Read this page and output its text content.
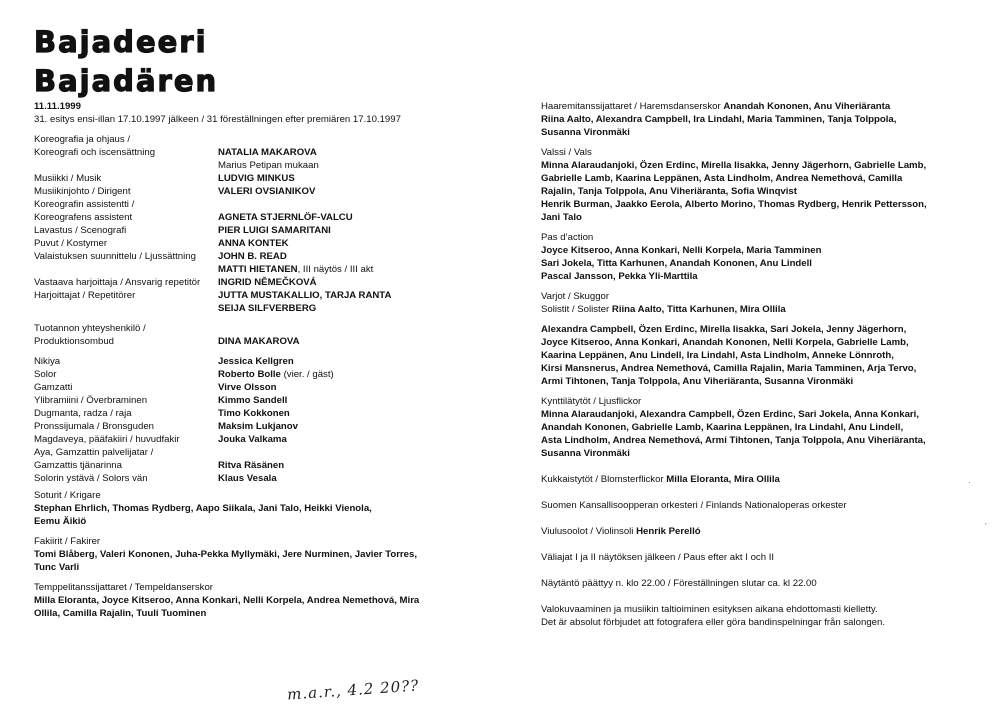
Bajadeeri
Bajadären
11.11.1999
31. esitys ensi-illan 17.10.1997 jälkeen / 31 föreställningen efter premiären 17.10.1997
Koreografia ja ohjaus /
Koreografi och iscensättning	NATALIA MAKAROVA
Marius Petipan mukaan
Musiikki / Musik	LUDVIG MINKUS
Musiikinjohto / Dirigent	VALERI OVSIANIKOV
Koreografin assistentti /
Koreografens assistent	AGNETA STJERNLÖF-VALCU
Lavastus / Scenografi	PIER LUIGI SAMARITANI
Puvut / Kostymer	ANNA KONTEK
Valaistuksen suunnittelu / Ljussättning	JOHN B. READ
MATTI HIETANEN, III näytös / III akt
Vastaava harjoittaja / Ansvarig repetitör	INGRID NĚMEČKOVÁ
Harjoittajat / Repetitörer	JUTTA MUSTAKALLIO, TARJA RANTA
SEIJA SILFVERBERG
Tuotannon yhteyshenkilö /
Produktionsombud	DINA MAKAROVA
Nikiya	Jessica Kellgren
Solor	Roberto Bolle (vier. / gäst)
Gamzatti	Virve Olsson
Ylibramiini / Överbraminen	Kimmo Sandell
Dugmanta, radza / raja	Timo Kokkonen
Pronssijumala / Bronsguden	Maksim Lukjanov
Magdaveya, pääfakiiri / huvudfakir	Jouka Valkama
Aya, Gamzattin palvelijatar /
Gamzattis tjänarinna	Ritva Räsänen
Solorin ystävä / Solors vän	Klaus Vesala
Soturit / Krigare
Stephan Ehrlich, Thomas Rydberg, Aapo Siikala, Jani Talo, Heikki Vienola,
Eemu Äikiö
Fakiirit / Fakirer
Tomi Blåberg, Valeri Kononen, Juha-Pekka Myllymäki, Jere Nurminen, Javier Torres,
Tunc Varli
Temppelitanssijattaret / Tempeldanserskor
Milla Eloranta, Joyce Kitseroo, Anna Konkari, Nelli Korpela, Andrea Nemethová, Mira
Ollila, Camilla Rajalin, Tuuli Tuominen
Haaremitanssijattaret / Haremsdanserskor Anandah Kononen, Anu Viheriäranta
Riina Aalto, Alexandra Campbell, Ira Lindahl, Maria Tamminen, Tanja Tolppola,
Susanna Vironmäki
Valssi / Vals
Minna Alaraudanjoki, Özen Erdinc, Mirella Iisakka, Jenny Jägerhorn, Gabrielle Lamb,
Gabrielle Lamb, Kaarina Leppänen, Asta Lindholm, Andrea Nemethová, Camilla
Rajalin, Tanja Tolppola, Anu Viheriäranta, Sofia Winqvist
Henrik Burman, Jaakko Eerola, Alberto Morino, Thomas Rydberg, Henrik Pettersson,
Jani Talo
Pas d’action
Joyce Kitseroo, Anna Konkari, Nelli Korpela, Maria Tamminen
Sari Jokela, Titta Karhunen, Anandah Kononen, Anu Lindell
Pascal Jansson, Pekka Yli-Marttila
Varjot / Skuggor
Solistit / Solister Riina Aalto, Titta Karhunen, Mira Ollila
Alexandra Campbell, Özen Erdinc, Mirella Iisakka, Sari Jokela, Jenny Jägerhorn,
Joyce Kitseroo, Anna Konkari, Anandah Kononen, Nelli Korpela, Gabrielle Lamb,
Kaarina Leppänen, Anu Lindell, Ira Lindahl, Asta Lindholm, Anneke Lönnroth,
Kirsi Mansnerus, Andrea Nemethová, Camilla Rajalin, Maria Tamminen, Arja Tervo,
Armi Tihtonen, Tanja Tolppola, Anu Viheriäranta, Susanna Vironmäki
Kynttilätytöt / Ljusflickor
Minna Alaraudanjoki, Alexandra Campbell, Özen Erdinc, Sari Jokela, Anna Konkari,
Anandah Kononen, Gabrielle Lamb, Kaarina Leppänen, Ira Lindahl, Anu Lindell,
Asta Lindholm, Andrea Nemethová, Armi Tihtonen, Tanja Tolppola, Anu Viheriäranta,
Susanna Vironmäki
Kukkaistytöt / Blomsterflickor Milla Eloranta, Mira Ollila
Suomen Kansallisoopperan orkesteri / Finlands Nationaloperas orkester
Viulusoolot / Violinsoli Henrik Perelló
Väliajat I ja II näytöksen jälkeen / Paus efter akt I och II
Näytäntö päättyy n. klo 22.00 / Föreställningen slutar ca. kl 22.00
Valokuvaaminen ja musiikin taltioiminen esityksen aikana ehdottomasti kielletty.
Det är absolut förbjudet att fotografera eller göra bandinspelningar från salongen.
m.a.r., 4.2 20??
·
’
